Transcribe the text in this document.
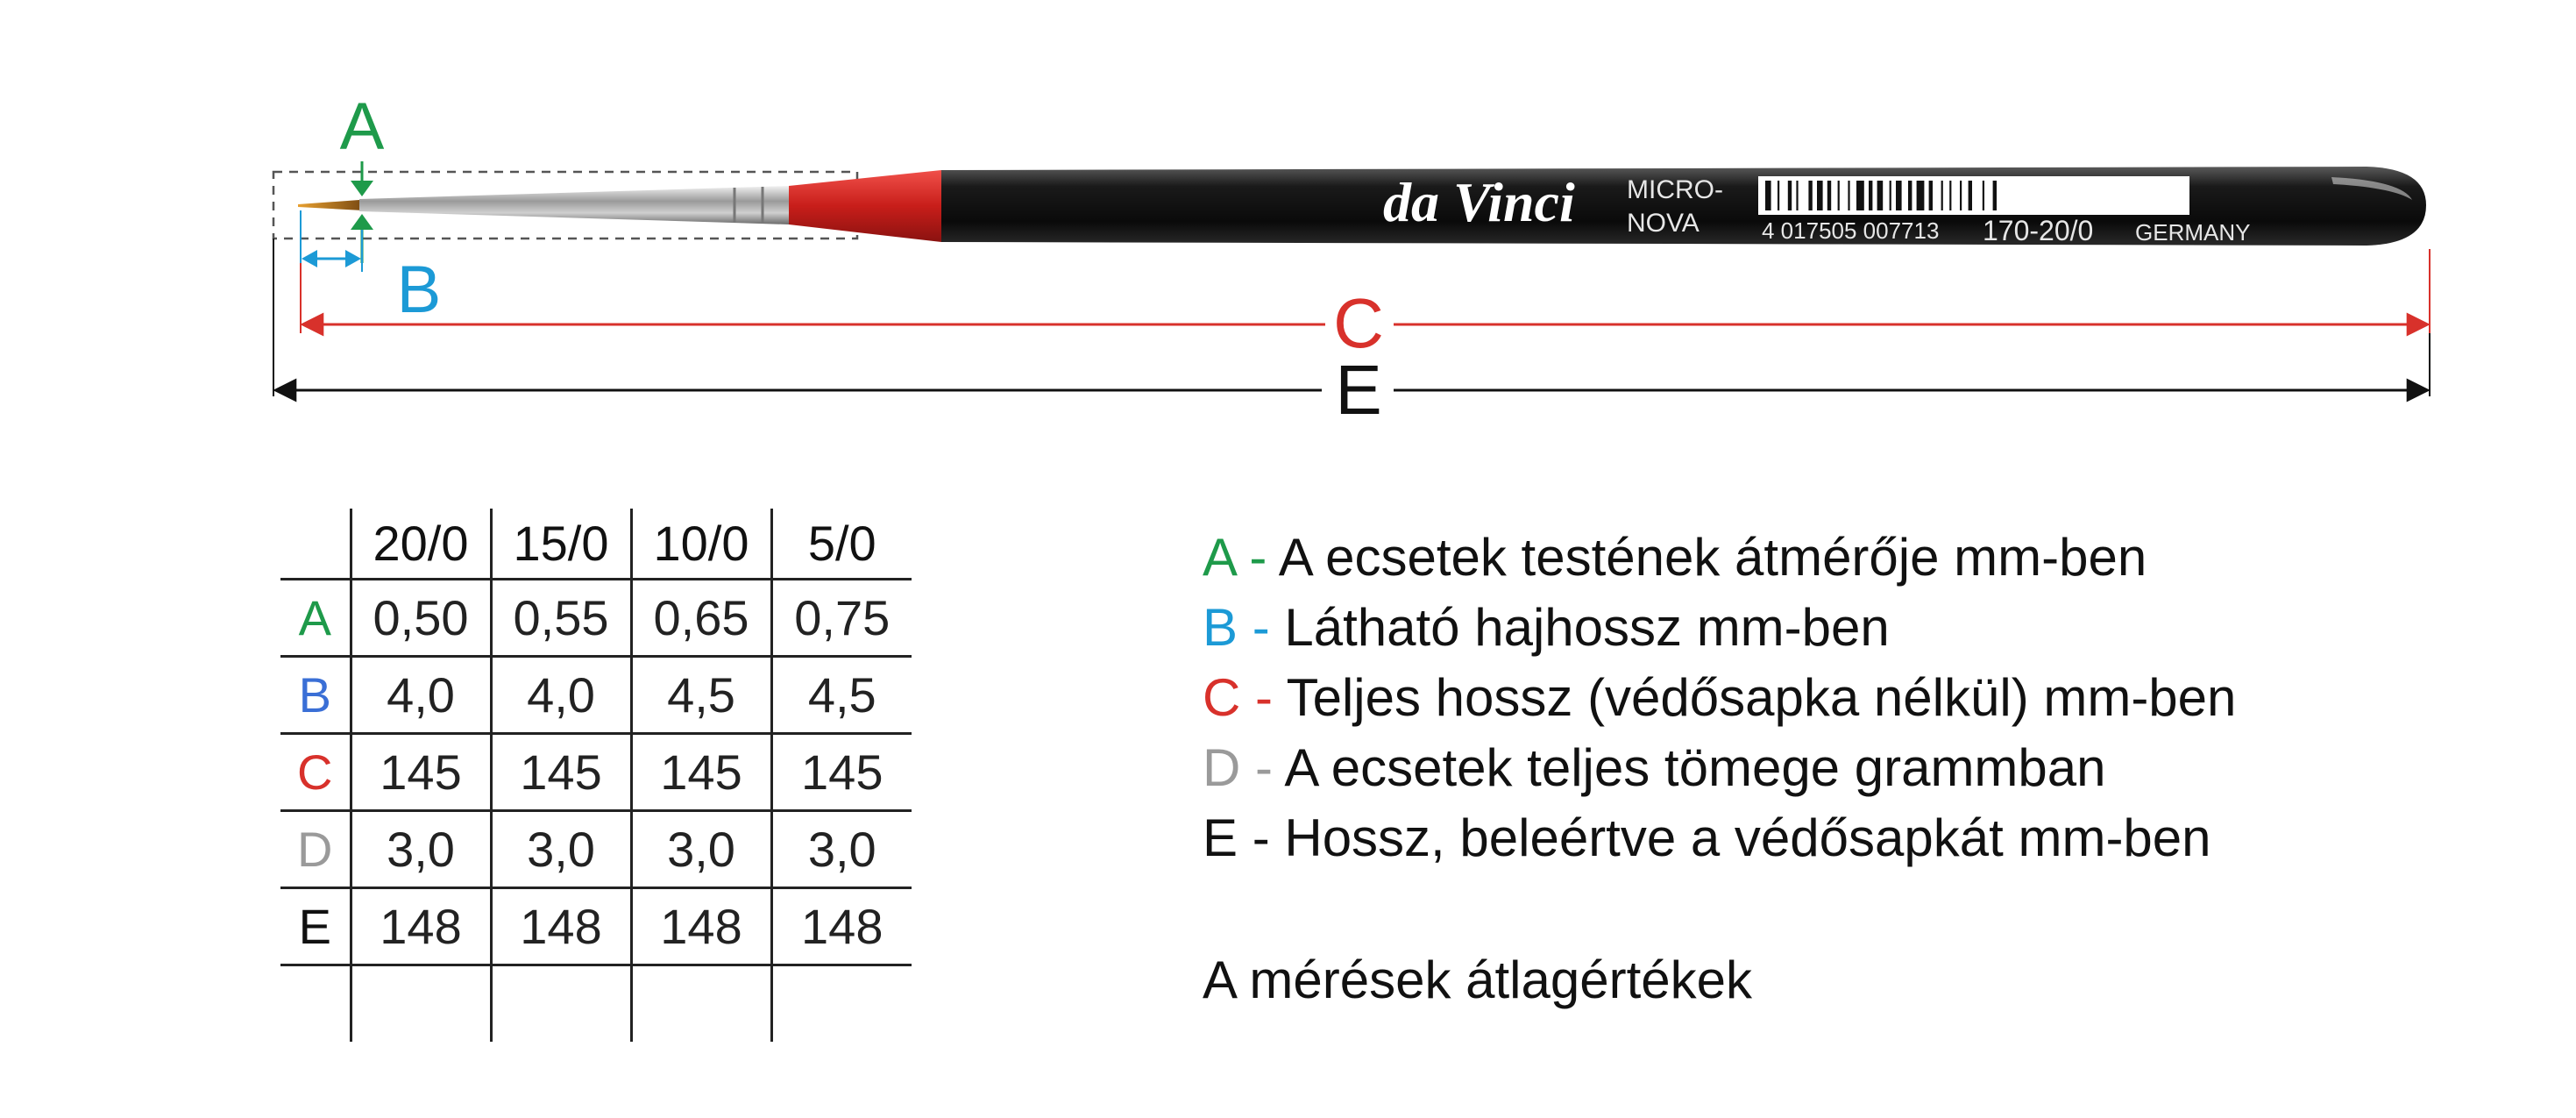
da Vinci MICRO-
NOVA	4 017505 007713 170-20/0 GERMANY
A
B	C
E
	20/0	15/0	10/0	5/0
A	0,50	0,55	0,65	0,75
B	4,0	4,0	4,5	4,5
C	145	145	145	145
D	3,0	3,0	3,0	3,0
E	148	148	148	148

A - A ecsetek testének átmérője mm-ben
B - Látható hajhossz mm-ben
C - Teljes hossz (védősapka nélkül) mm-ben
D - A ecsetek teljes tömege grammban
E - Hossz, beleértve a védősapkát mm-ben
A mérések átlagértékek
